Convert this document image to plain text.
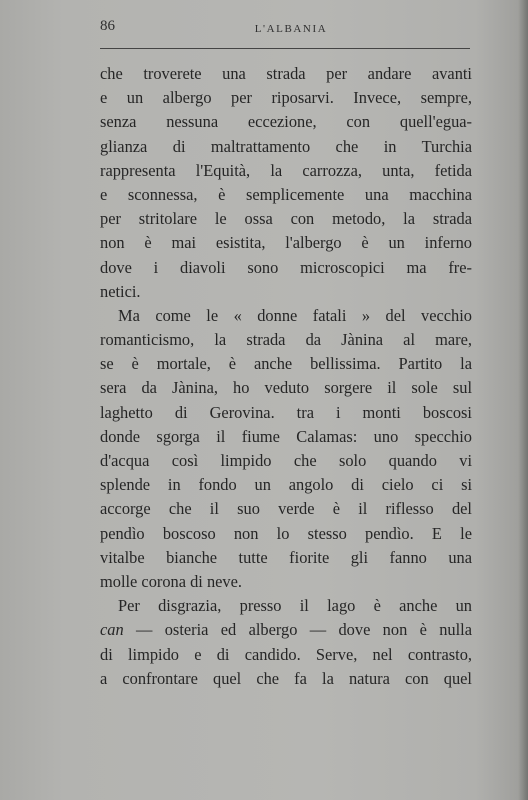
86	L'ALBANIA

che troverete una strada per andare avanti
e un albergo per riposarvi. Invece, sempre,
senza nessuna eccezione, con quell'egua-
glianza di maltrattamento che in Turchia
rappresenta l'Equità, la carrozza, unta, fetida
e sconnessa, è semplicemente una macchina
per stritolare le ossa con metodo, la strada
non è mai esistita, l'albergo è un inferno
dove i diavoli sono microscopici ma fre-
netici.

Ma come le « donne fatali » del vecchio
romanticismo, la strada da Jànina al mare,
se è mortale, è anche bellissima. Partito la
sera da Jànina, ho veduto sorgere il sole sul
laghetto di Gerovina. tra i monti boscosi
donde sgorga il fiume Calamas: uno specchio
d'acqua così limpido che solo quando vi
splende in fondo un angolo di cielo ci si
accorge che il suo verde è il riflesso del
pendìo boscoso non lo stesso pendìo. E le
vitalbe bianche tutte fiorite gli fanno una
molle corona di neve.

Per disgrazia, presso il lago è anche un
can — osteria ed albergo — dove non è nulla
di limpido e di candido. Serve, nel contrasto,
a confrontare quel che fa la natura con quel
